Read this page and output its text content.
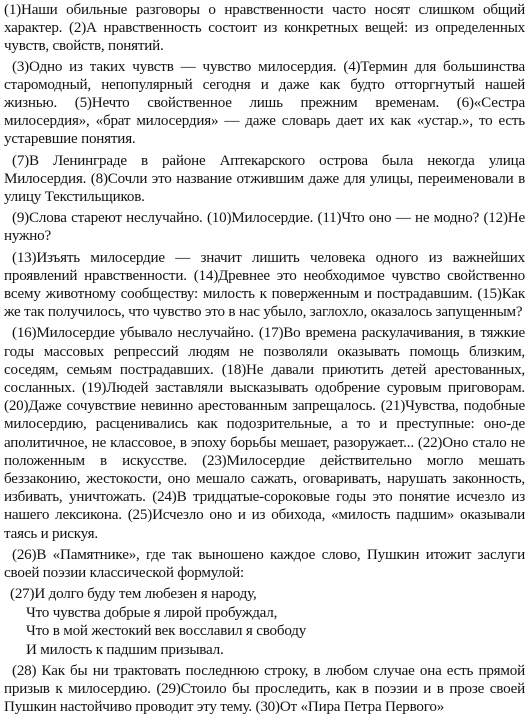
(1)Наши обильные разговоры о нравственности часто носят слишком общий характер. (2)А нравственность состоит из конкретных вещей: из определенных чувств, свойств, понятий.

(3)Одно из таких чувств — чувство милосердия. (4)Термин для большинства старомодный, непопулярный сегодня и даже как будто отторгнутый нашей жизнью. (5)Нечто свойственное лишь прежним временам. (6)«Сестра милосердия», «брат милосердия» — даже словарь дает их как «устар.», то есть устаревшие понятия.

(7)В Ленинграде в районе Аптекарского острова была некогда улица Милосердия. (8)Сочли это название отжившим даже для улицы, переименовали в улицу Текстильщиков.

(9)Слова стареют неслучайно. (10)Милосердие. (11)Что оно — не модно? (12)Не нужно?

(13)Изъять милосердие — значит лишить человека одного из важнейших проявлений нравственности. (14)Древнее это необходимое чувство свойственно всему животному сообществу: милость к поверженным и пострадавшим. (15)Как же так получилось, что чувство это в нас убыло, заглохло, оказалось запущенным?

(16)Милосердие убывало неслучайно. (17)Во времена раскулачивания, в тяжкие годы массовых репрессий людям не позволяли оказывать помощь близким, соседям, семьям пострадавших. (18)Не давали приютить детей арестованных, сосланных. (19)Людей заставляли высказывать одобрение суровым приговорам. (20)Даже сочувствие невинно арестованным запрещалось. (21)Чувства, подобные милосердию, расценивались как подозрительные, а то и преступные: оно-де аполитичное, не классовое, в эпоху борьбы мешает, разоружает... (22)Оно стало не положенным в искусстве. (23)Милосердие действительно могло мешать беззаконию, жестокости, оно мешало сажать, оговаривать, нарушать законность, избивать, уничтожать. (24)В тридцатые-сороковые годы это понятие исчезло из нашего лексикона. (25)Исчезло оно и из обихода, «милость падшим» оказывали таясь и рискуя.

(26)В «Памятнике», где так выношено каждое слово, Пушкин итожит заслуги своей поэзии классической формулой:

(27)И долго буду тем любезен я народу,
Что чувства добрые я лирой пробуждал,
Что в мой жестокий век восславил я свободу
И милость к падшим призывал.

(28) Как бы ни трактовать последнюю строку, в любом случае она есть прямой призыв к милосердию. (29)Стоило бы проследить, как в поэзии и в прозе своей Пушкин настойчиво проводит эту тему. (30)От «Пира Петра Первого»
